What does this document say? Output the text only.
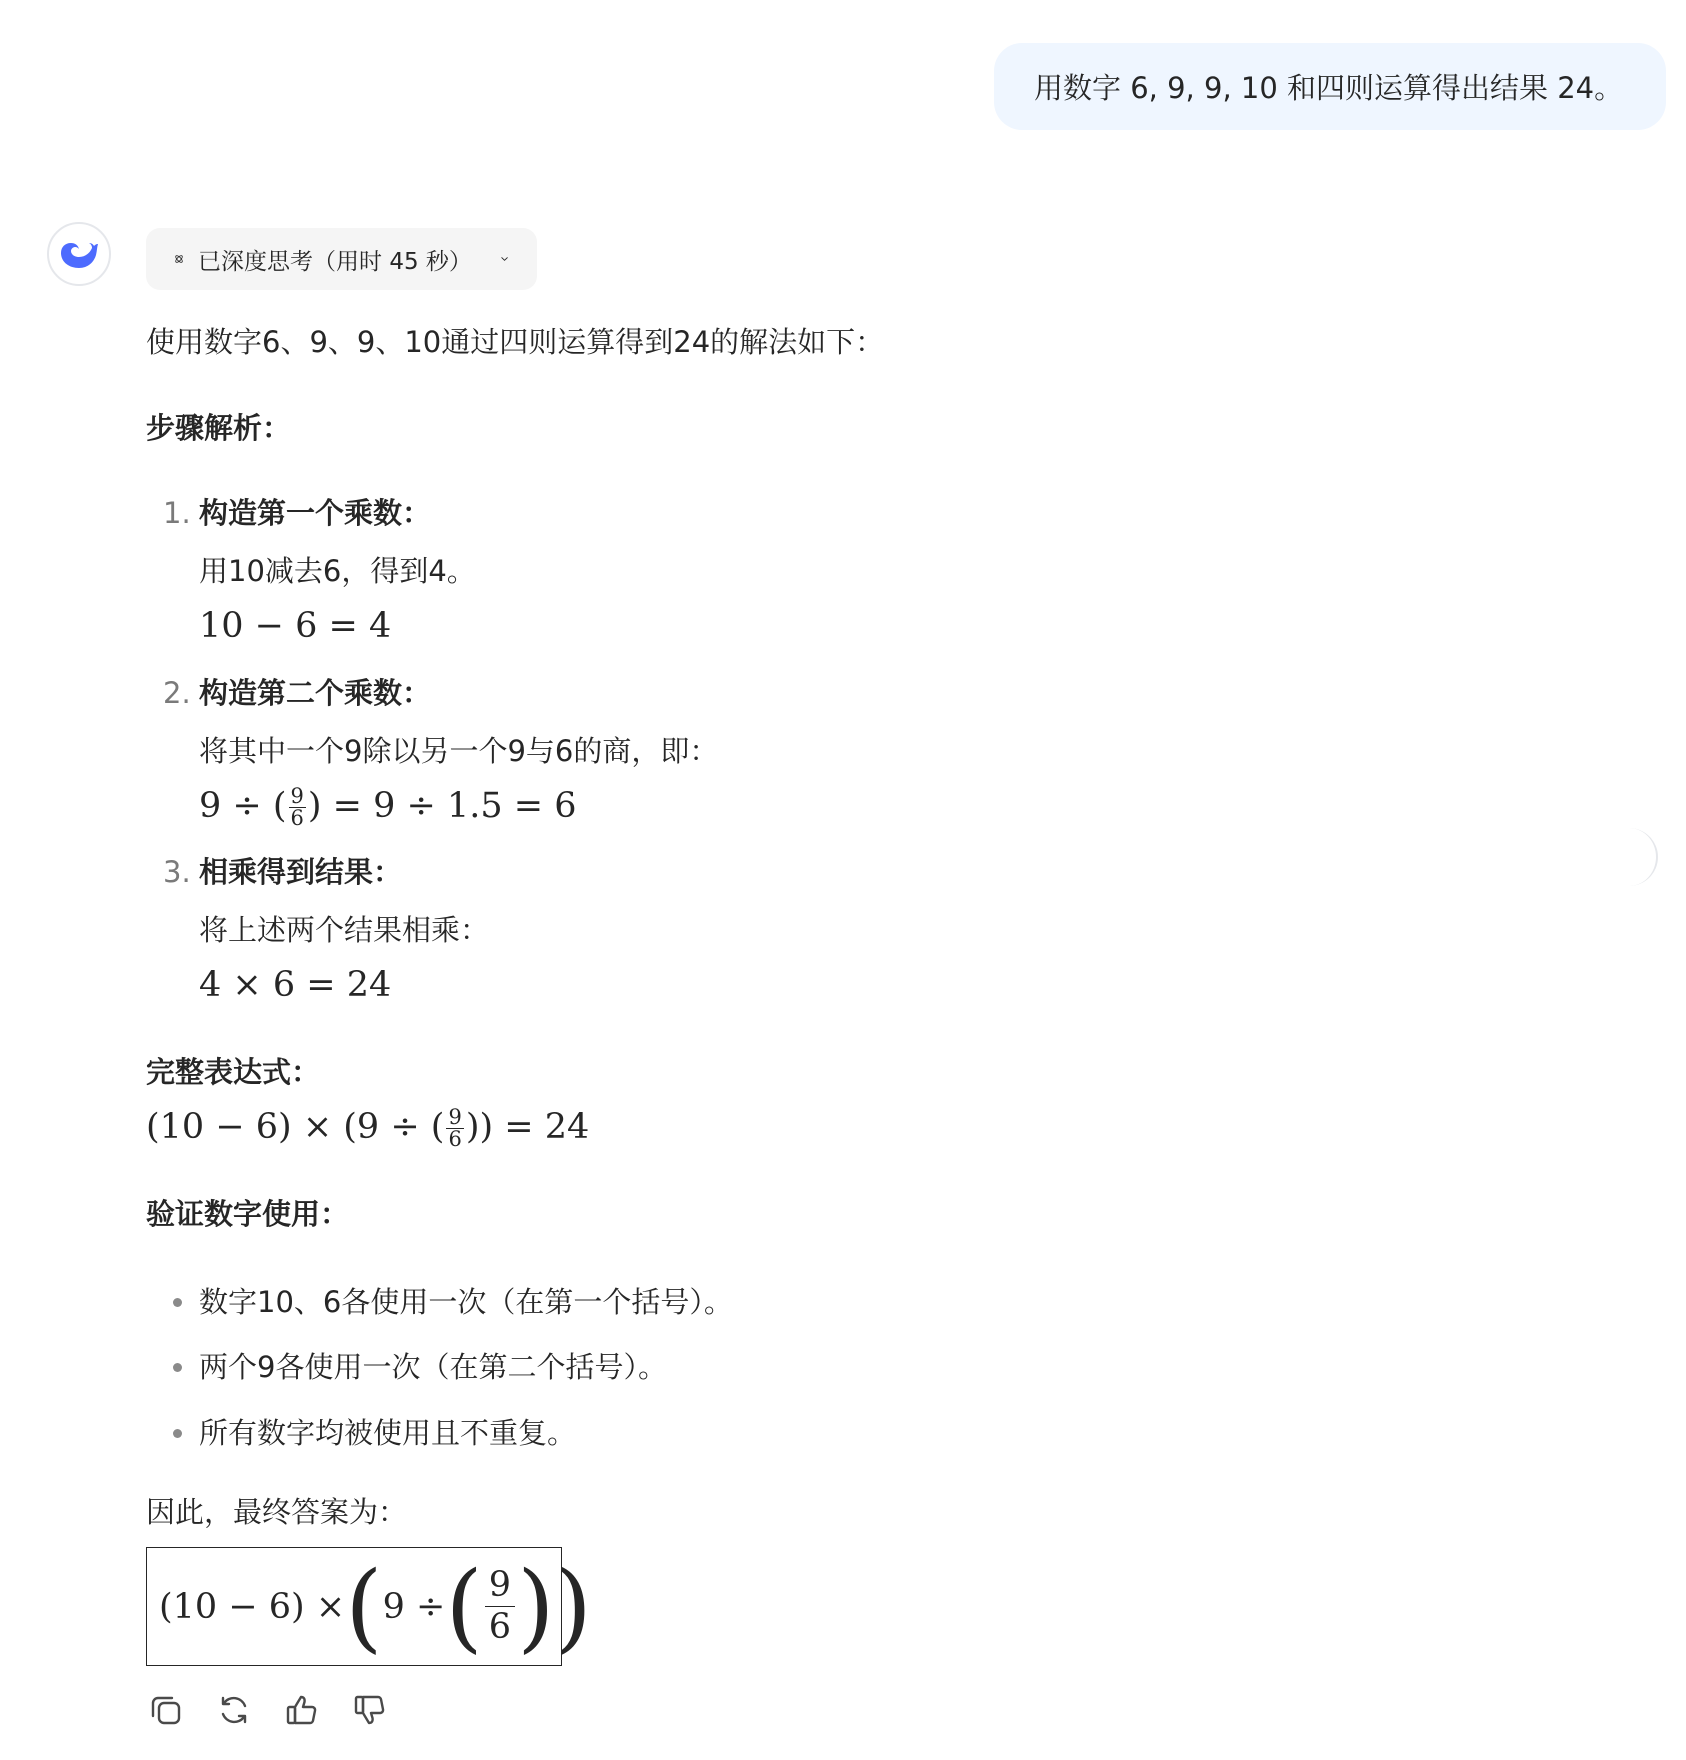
用数字 6, 9, 9, 10 和四则运算得出结果 24。
已深度思考（用时 45 秒）
使用数字6、9、9、10通过四则运算得到24的解法如下：
步骤解析：
1. 构造第一个乘数：
用10减去6，得到4。
10 − 6 = 4
2. 构造第二个乘数：
将其中一个9除以另一个9与6的商，即：
9 ÷ ( $\frac{9}{6}$ ) = 9 ÷ 1.5 = 6
3. 相乘得到结果：
将上述两个结果相乘：
4 × 6 = 24
完整表达式：
(10 − 6) × (9 ÷ ( $\frac{9}{6}$ )) = 24
验证数字使用：
数字10、6各使用一次（在第一个括号）。
两个9各使用一次（在第二个括号）。
所有数字均被使用且不重复。
因此，最终答案为：
(10 − 6) × ( 9 ÷ ( $\frac{9}{6}$ ) )
